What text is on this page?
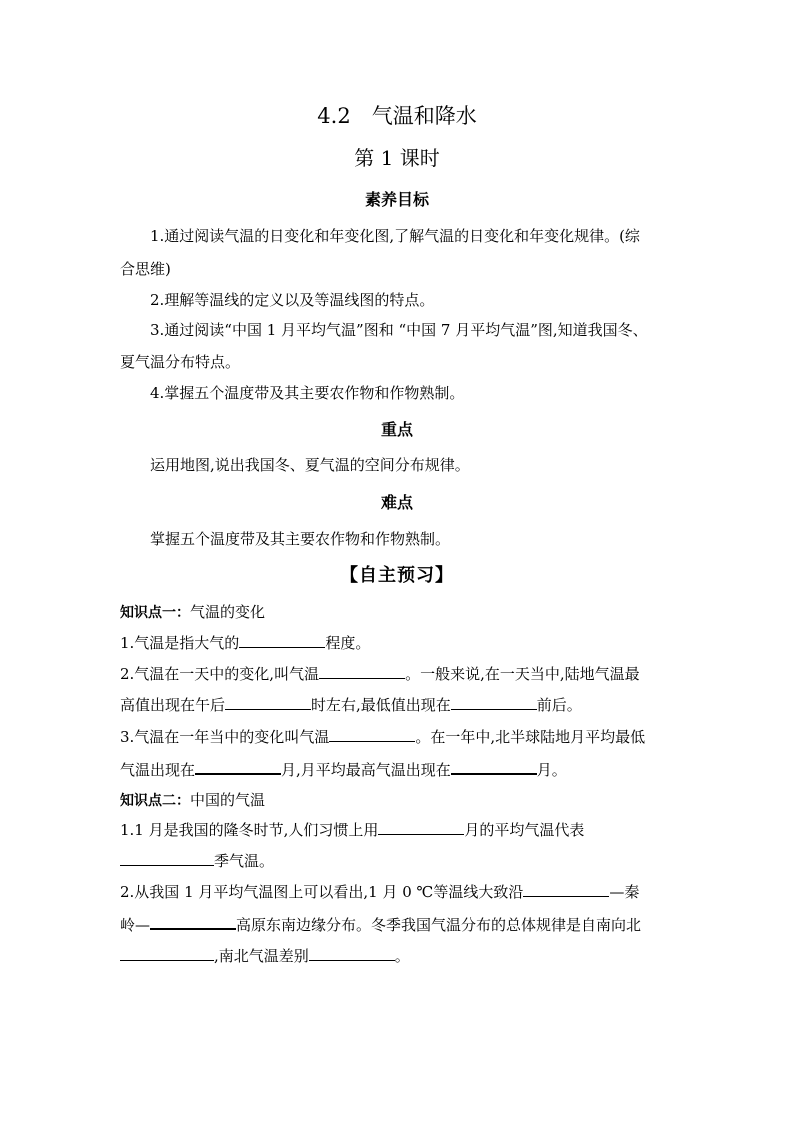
4.2　气温和降水
第 1 课时
素养目标
1.通过阅读气温的日变化和年变化图,了解气温的日变化和年变化规律。(综
合思维)
2.理解等温线的定义以及等温线图的特点。
3.通过阅读“中国 1 月平均气温”图和 “中国 7 月平均气温”图,知道我国冬、
夏气温分布特点。
4.掌握五个温度带及其主要农作物和作物熟制。
重点
运用地图,说出我国冬、夏气温的空间分布规律。
难点
掌握五个温度带及其主要农作物和作物熟制。
【自主预习】
知识点一：气温的变化
1.气温是指大气的	程度。
2.气温在一天中的变化,叫气温	。一般来说,在一天当中,陆地气温最
高值出现在午后	时左右,最低值出现在	前后。
3.气温在一年当中的变化叫气温	。在一年中,北半球陆地月平均最低
气温出现在	月,月平均最高气温出现在	月。
知识点二：中国的气温
1.1 月是我国的隆冬时节,人们习惯上用	月的平均气温代表
季气温。
2.从我国 1 月平均气温图上可以看出,1 月 0 ℃等温线大致沿	—秦
岭—	高原东南边缘分布。冬季我国气温分布的总体规律是自南向北
,南北气温差别	。
